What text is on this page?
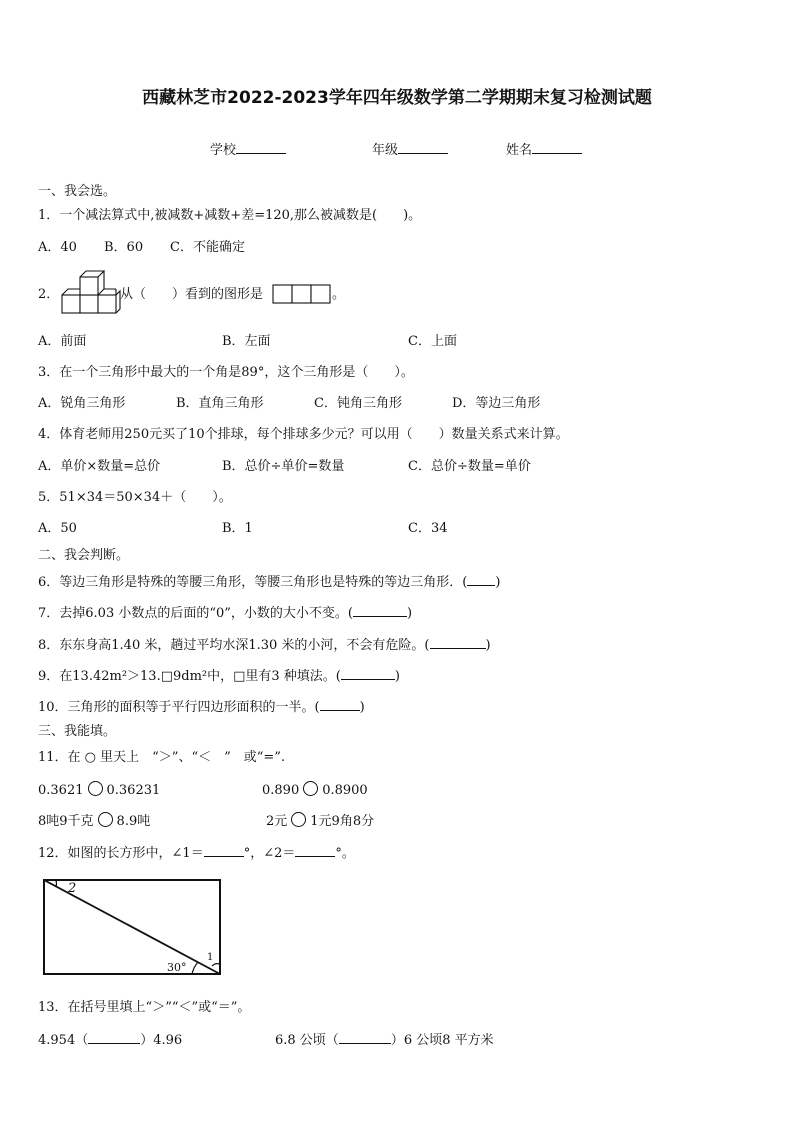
西藏林芝市2022-2023学年四年级数学第二学期期末复习检测试题
学校	年级	姓名
一、我会选。
1．一个减法算式中,被减数+减数+差=120,那么被减数是(　　)。
A．40 B．60 C．不能确定
2．	从（　　）看到的图形是	。
A．前面	B．左面	C．上面
3．在一个三角形中最大的一个角是89°，这个三角形是（　　）。
A．锐角三角形	B．直角三角形	C．钝角三角形	D．等边三角形
4．体育老师用250元买了10个排球，每个排球多少元？可以用（　　）数量关系式来计算。
A．单价×数量=总价	B．总价÷单价=数量	C．总价÷数量=单价
5．51×34＝50×34＋（　　）。
A．50	B．1	C．34
二、我会判断。
6．等边三角形是特殊的等腰三角形，等腰三角形也是特殊的等边三角形．( )
7．去掉6.03 小数点的后面的“0”，小数的大小不变。(	)
8．东东身高1.40 米，趟过平均水深1.30 米的小河，不会有危险。(	)
9．在13.42m²＞13.□9dm²中，□里有3 种填法。(	)
10．三角形的面积等于平行四边形面积的一半。(	)
三、我能填。
11．在 ○ 里天上　“＞”、“＜　”　或“=”.
0.3621 0.36231	0.890 0.8900
8吨9千克 8.9吨	2元 1元9角8分
12．如图的长方形中，∠1＝	°，∠2＝	°。
2
30°
1
13．在括号里填上“＞”“＜”或“＝”。
4.954（	）4.96	6.8 公顷（	）6 公顷8 平方米
